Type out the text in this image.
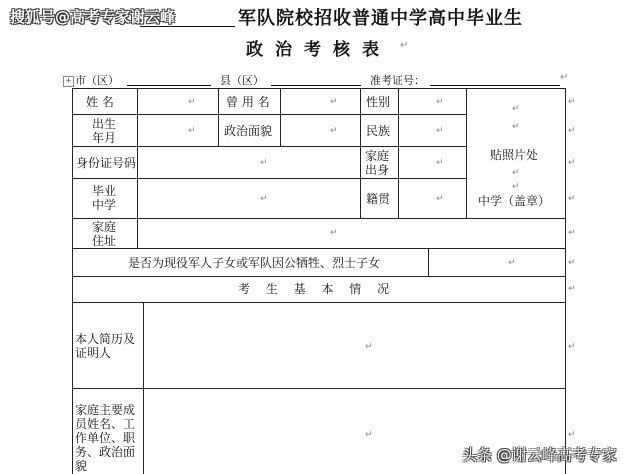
搜狐号@高考专家谢云峰	军队院校招收普通中学高中毕业生
政治考核表 ↵
+ 市（区）	县（区）	准考证号：	↵
姓 名	↵	曾 用 名	↵ 性别	↵
出生年月	↵ 政治面貌	↵ 民族	↵
↵
↵
贴照片处
↵
↵
中学（盖章）
身份证号码	↵	家庭出身	↵
毕业中学	↵	籍贯	↵
家庭住址
↵
是否为现役军人子女或军队因公牺牲、烈士子女	↵
考 生 基 本 情 况
本人简历及证明人	↵
家庭主要成员姓名、工作单位、职务、政治面貌
↵
↵
↵
↵
↵
↵
↵
↵
↵
↵
头条 @谢云峰高考专家
